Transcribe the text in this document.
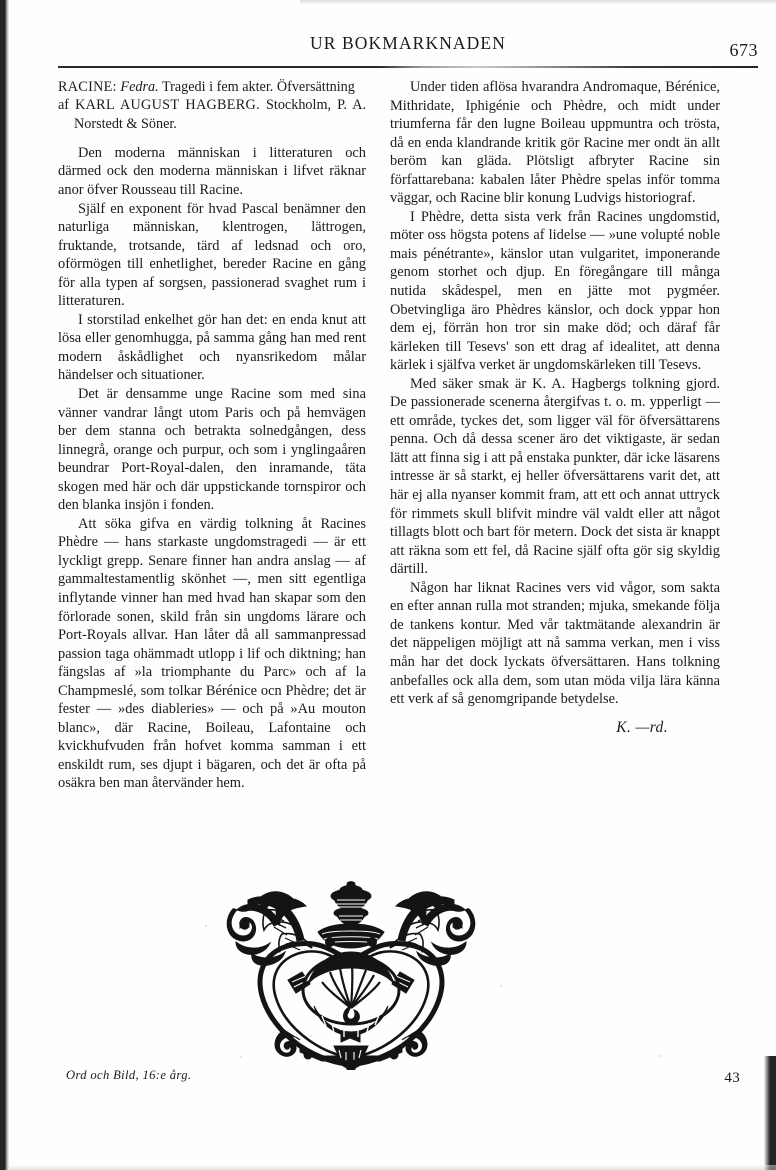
UR BOKMARKNADEN	673
RACINE: Fedra. Tragedi i fem akter. Öfversättning
af KARL AUGUST HAGBERG. Stockholm, P. A. Norstedt & Söner.

Den moderna människan i litteraturen och därmed ock den moderna människan i lifvet räknar anor öfver Rousseau till Racine.

Själf en exponent för hvad Pascal benämner den naturliga människan, klentrogen, lättrogen, fruktande, trotsande, tärd af ledsnad och oro, oförmögen till enhetlighet, bereder Racine en gång för alla typen af sorgsen, passionerad svaghet rum i litteraturen.

I storstilad enkelhet gör han det: en enda knut att lösa eller genomhugga, på samma gång han med rent modern åskådlighet och nyansrikedom målar händelser och situationer.

Det är densamme unge Racine som med sina vänner vandrar långt utom Paris och på hemvägen ber dem stanna och betrakta solnedgången, dess linnegrå, orange och purpur, och som i ynglingaåren beundrar Port-Royal-dalen, den inramande, täta skogen med här och där uppstickande tornspiror och den blanka insjön i fonden.

Att söka gifva en värdig tolkning åt Racines Phèdre — hans starkaste ungdomstragedi — är ett lyckligt grepp. Senare finner han andra anslag — af gammaltestamentlig skönhet —, men sitt egentliga inflytande vinner han med hvad han skapar som den förlorade sonen, skild från sin ungdoms lärare och Port-Royals allvar. Han låter då all sammanpressad passion taga ohämmadt utlopp i lif och diktning; han fängslas af »la triomphante du Parc» och af la Champmeslé, som tolkar Bérénice ocn Phèdre; det är fester — »des diableries» — och på »Au mouton blanc», där Racine, Boileau, Lafontaine och kvickhufvuden från hofvet komma samman i ett enskildt rum, ses djupt i bägaren, och det är ofta på osäkra ben man återvänder hem.

Under tiden aflösa hvarandra Andromaque, Bérénice, Mithridate, Iphigénie och Phèdre, och midt under triumferna får den lugne Boileau uppmuntra och trösta, då en enda klandrande kritik gör Racine mer ondt än allt beröm kan gläda. Plötsligt afbryter Racine sin författarebana: kabalen låter Phèdre spelas inför tomma väggar, och Racine blir konung Ludvigs historiograf.

I Phèdre, detta sista verk från Racines ungdomstid, möter oss högsta potens af lidelse — »une volupté noble mais pénétrante», känslor utan vulgaritet, imponerande genom storhet och djup. En föregångare till många nutida skådespel, men en jätte mot pygméer. Obetvingliga äro Phèdres känslor, och dock yppar hon dem ej, förrän hon tror sin make död; och däraf får kärleken till Tesevs' son ett drag af idealitet, att denna kärlek i själfva verket är ungdomskärleken till Tesevs.

Med säker smak är K. A. Hagbergs tolkning gjord. De passionerade scenerna återgifvas t. o. m. ypperligt — ett område, tyckes det, som ligger väl för öfversättarens penna. Och då dessa scener äro det viktigaste, är sedan lätt att finna sig i att på enstaka punkter, där icke läsarens intresse är så starkt, ej heller öfversättarens varit det, att här ej alla nyanser kommit fram, att ett och annat uttryck för rimmets skull blifvit mindre väl valdt eller att något tillagts blott och bart för metern. Dock det sista är knappt att räkna som ett fel, då Racine själf ofta gör sig skyldig därtill.

Någon har liknat Racines vers vid vågor, som sakta en efter annan rulla mot stranden; mjuka, smekande följa de tankens kontur. Med vår taktmätande alexandrin är det näppeligen möjligt att nå samma verkan, men i viss mån har det dock lyckats öfversättaren. Hans tolkning anbefalles ock alla dem, som utan möda vilja lära känna ett verk af så genomgripande betydelse.

K. —rd.
Ord och Bild, 16:e årg.	43
